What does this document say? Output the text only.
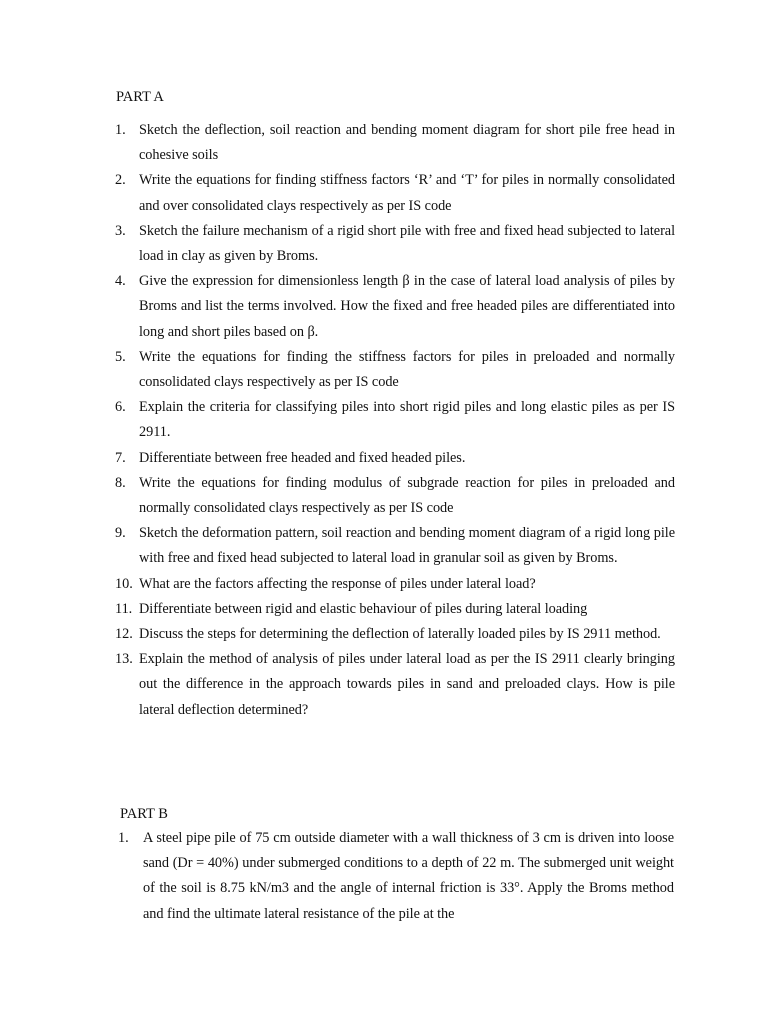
PART A
1. Sketch the deflection, soil reaction and bending moment diagram for short pile free head in cohesive soils
2. Write the equations for finding stiffness factors ‘R’ and ‘T’ for piles in normally consolidated and over consolidated clays respectively as per IS code
3. Sketch the failure mechanism of a rigid short pile with free and fixed head subjected to lateral load in clay as given by Broms.
4. Give the expression for dimensionless length β in the case of lateral load analysis of piles by Broms and list the terms involved. How the fixed and free headed piles are differentiated into long and short piles based on β.
5. Write the equations for finding the stiffness factors for piles in preloaded and normally consolidated clays respectively as per IS code
6. Explain the criteria for classifying piles into short rigid piles and long elastic piles as per IS 2911.
7. Differentiate between free headed and fixed headed piles.
8. Write the equations for finding modulus of subgrade reaction for piles in preloaded and normally consolidated clays respectively as per IS code
9. Sketch the deformation pattern, soil reaction and bending moment diagram of a rigid long pile with free and fixed head subjected to lateral load in granular soil as given by Broms.
10. What are the factors affecting the response of piles under lateral load?
11. Differentiate between rigid and elastic behaviour of piles during lateral loading
12. Discuss the steps for determining the deflection of laterally loaded piles by IS 2911 method.
13. Explain the method of analysis of piles under lateral load as per the IS 2911 clearly bringing out the difference in the approach towards piles in sand and preloaded clays. How is pile lateral deflection determined?
PART B
1.	A steel pipe pile of 75 cm outside diameter with a wall thickness of 3 cm is driven into loose sand (Dr = 40%) under submerged conditions to a depth of 22 m. The submerged unit weight of the soil is 8.75 kN/m3 and the angle of internal friction is 33°. Apply the Broms method and find the ultimate lateral resistance of the pile at the
